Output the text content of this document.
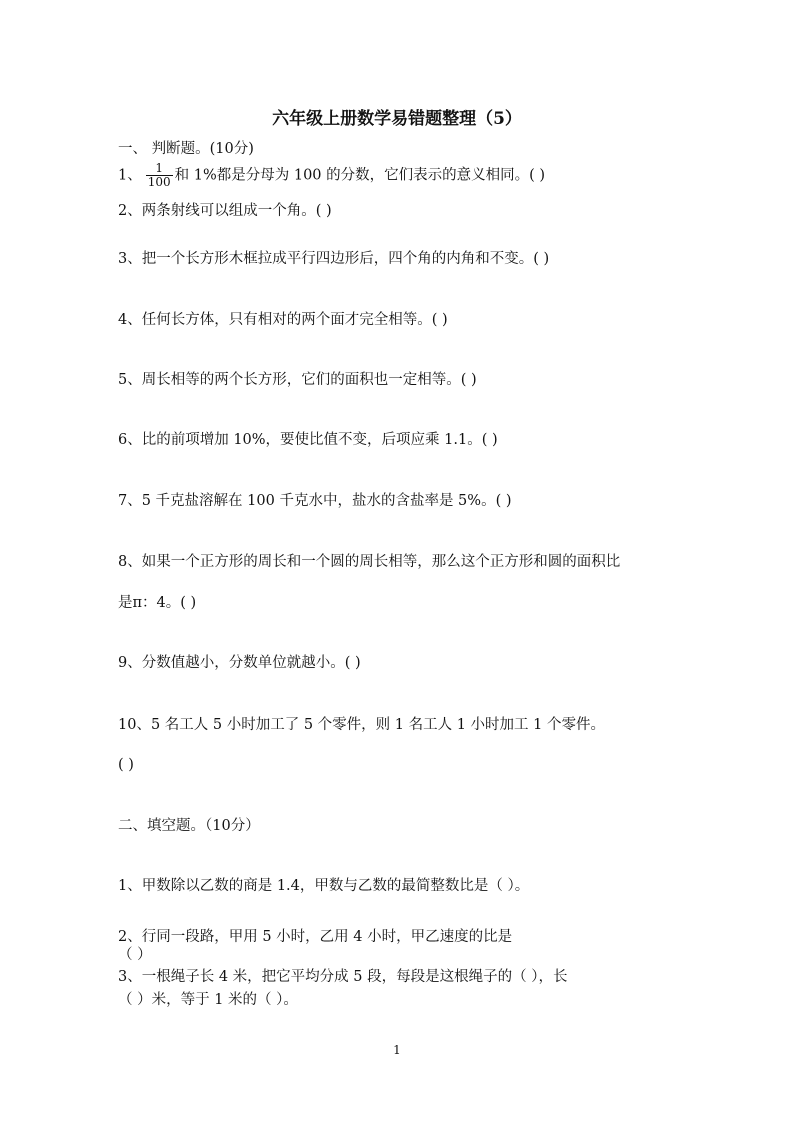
六年级上册数学易错题整理（5）

一、 判断题。(10分)

1、 $\frac{1}{100}$ 和 1%都是分母为 100 的分数，它们表示的意义相同。( )

2、两条射线可以组成一个角。( )

3、把一个长方形木框拉成平行四边形后，四个角的内角和不变。( )

4、任何长方体，只有相对的两个面才完全相等。( )

5、周长相等的两个长方形，它们的面积也一定相等。( )

6、比的前项增加 10%，要使比值不变，后项应乘 1.1。( )

7、5 千克盐溶解在 100 千克水中，盐水的含盐率是 5%。( )

8、如果一个正方形的周长和一个圆的周长相等，那么这个正方形和圆的面积比

是π：4。( )

9、分数值越小，分数单位就越小。( )

10、5 名工人 5 小时加工了 5 个零件，则 1 名工人 1 小时加工 1 个零件。

( )

二、填空题。（10分）

1、甲数除以乙数的商是 1.4，甲数与乙数的最简整数比是（ ）。

2、行同一段路，甲用 5 小时，乙用 4 小时，甲乙速度的比是

（ ）

3、一根绳子长 4 米，把它平均分成 5 段，每段是这根绳子的（ ），长

（ ）米，等于 1 米的（ ）。

1
